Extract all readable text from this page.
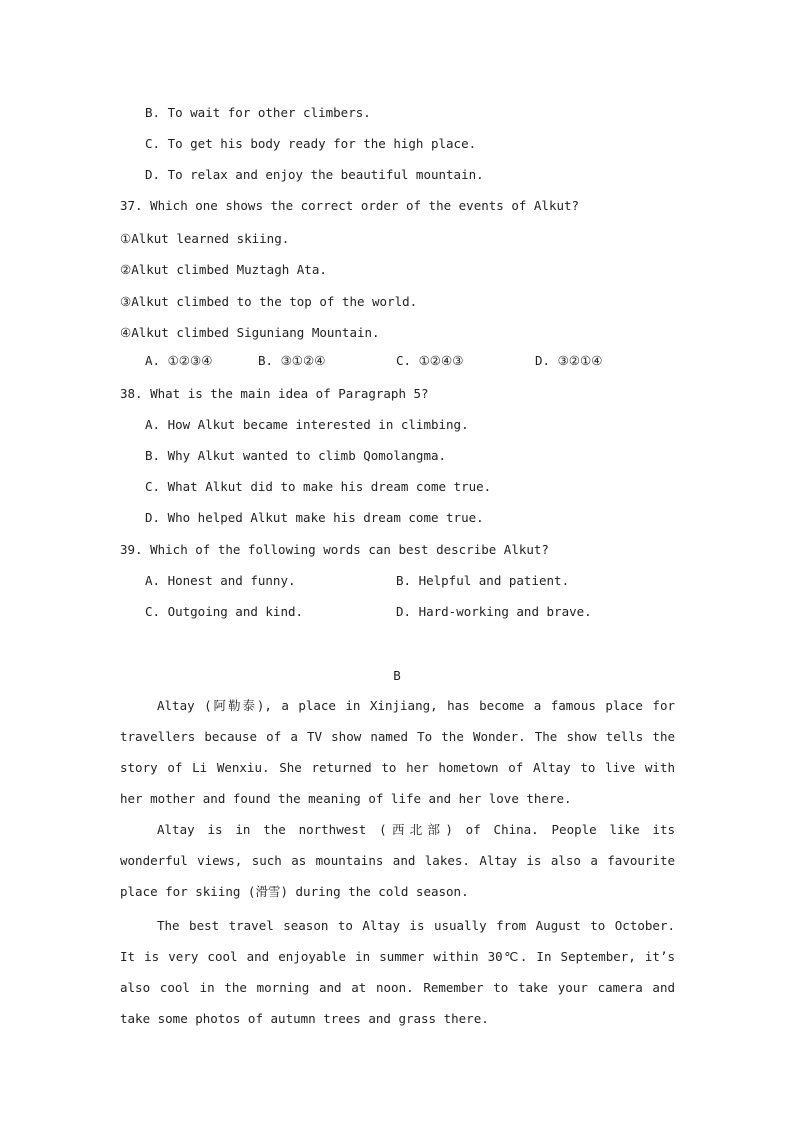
B. To wait for other climbers.
C. To get his body ready for the high place.
D. To relax and enjoy the beautiful mountain.
37. Which one shows the correct order of the events of Alkut?
①Alkut learned skiing.
②Alkut climbed Muztagh Ata.
③Alkut climbed to the top of the world.
④Alkut climbed Siguniang Mountain.
A. ①②③④	B. ③①②④	C. ①②④③	D. ③②①④
38. What is the main idea of Paragraph 5?
A. How Alkut became interested in climbing.
B. Why Alkut wanted to climb Qomolangma.
C. What Alkut did to make his dream come true.
D. Who helped Alkut make his dream come true.
39. Which of the following words can best describe Alkut?
A. Honest and funny.	B. Helpful and patient.
C. Outgoing and kind.	D. Hard-working and brave.
B

Altay (阿勒泰), a place in Xinjiang, has become a famous place for travellers because of a TV show named To the Wonder. The show tells the story of Li Wenxiu. She returned to her hometown of Altay to live with her mother and found the meaning of life and her love there.

Altay is in the northwest (西北部) of China. People like its wonderful views, such as mountains and lakes. Altay is also a favourite place for skiing (滑雪) during the cold season.

The best travel season to Altay is usually from August to October. It is very cool and enjoyable in summer within 30℃. In September, it’s also cool in the morning and at noon. Remember to take your camera and take some photos of autumn trees and grass there.
